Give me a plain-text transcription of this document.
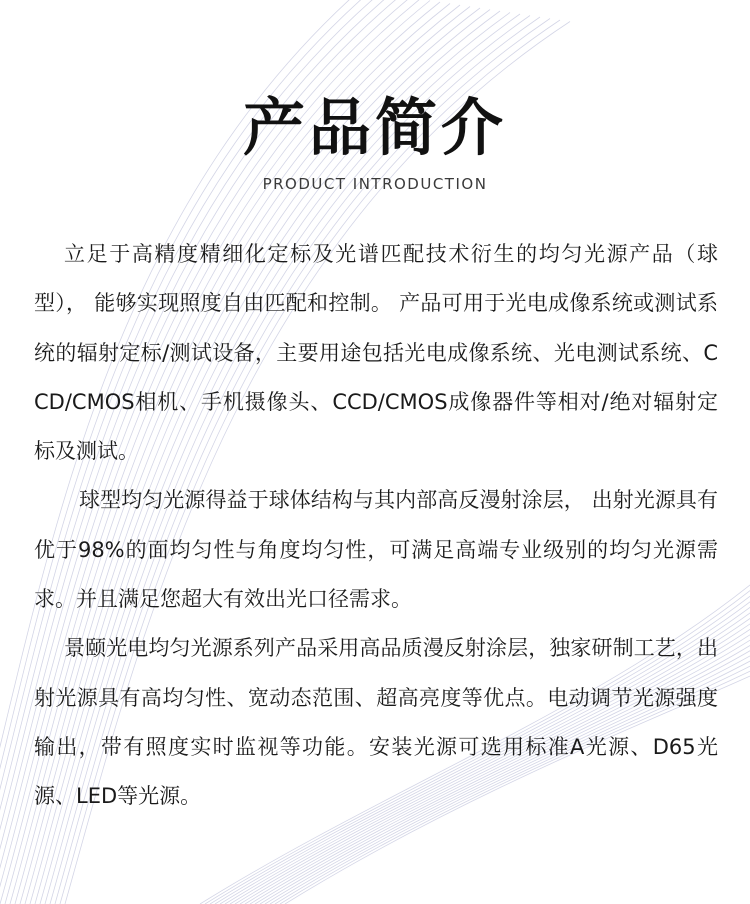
产品简介
PRODUCT INTRODUCTION

立足于高精度精细化定标及光谱匹配技术衍生的均匀光源产品（球型）， 能够实现照度自由匹配和控制。 产品可用于光电成像系统或测试系统的辐射定标/测试设备，主要用途包括光电成像系统、光电测试系统、CCD/CMOS相机、手机摄像头、CCD/CMOS成像器件等相对/绝对辐射定标及测试。

球型均匀光源得益于球体结构与其内部高反漫射涂层， 出射光源具有优于98%的面均匀性与角度均匀性，可满足高端专业级别的均匀光源需求。并且满足您超大有效出光口径需求。

景颐光电均匀光源系列产品采用高品质漫反射涂层，独家研制工艺，出射光源具有高均匀性、宽动态范围、超高亮度等优点。电动调节光源强度输出，带有照度实时监视等功能。安装光源可选用标准A光源、D65光源、LED等光源。
